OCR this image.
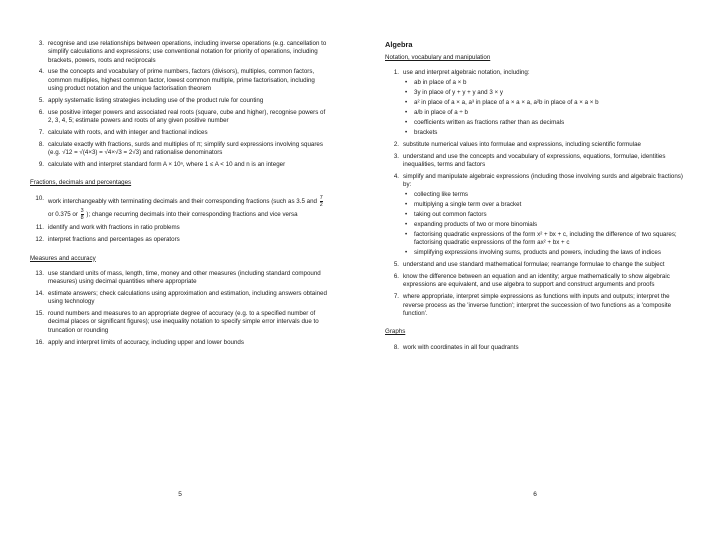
3. recognise and use relationships between operations, including inverse operations (e.g. cancellation to simplify calculations and expressions; use conventional notation for priority of operations, including brackets, powers, roots and reciprocals
4. use the concepts and vocabulary of prime numbers, factors (divisors), multiples, common factors, common multiples, highest common factor, lowest common multiple, prime factorisation, including using product notation and the unique factorisation theorem
5. apply systematic listing strategies including use of the product rule for counting
6. use positive integer powers and associated real roots (square, cube and higher), recognise powers of 2, 3, 4, 5; estimate powers and roots of any given positive number
7. calculate with roots, and with integer and fractional indices
8. calculate exactly with fractions, surds and multiples of π; simplify surd expressions involving squares (e.g. √12 = √(4×3) = √4×√3 = 2√3) and rationalise denominators
9. calculate with and interpret standard form A × 10ⁿ, where 1 ≤ A < 10 and n is an integer
Fractions, decimals and percentages
10. work interchangeably with terminating decimals and their corresponding fractions (such as 3.5 and $\frac{7}{2}$
or 0.375 or $\frac{3}{8}$ ); change recurring decimals into their corresponding fractions and vice versa
11. identify and work with fractions in ratio problems
12. interpret fractions and percentages as operators
Measures and accuracy
13. use standard units of mass, length, time, money and other measures (including standard compound measures) using decimal quantities where appropriate
14. estimate answers; check calculations using approximation and estimation, including answers obtained using technology
15. round numbers and measures to an appropriate degree of accuracy (e.g. to a specified number of decimal places or significant figures); use inequality notation to specify simple error intervals due to truncation or rounding
16. apply and interpret limits of accuracy, including upper and lower bounds
5
Algebra
Notation, vocabulary and manipulation
1. use and interpret algebraic notation, including:
• ab in place of a × b
• 3y in place of y + y + y and 3 × y
• a² in place of a × a, a³ in place of a × a × a, a²b in place of a × a × b
• a/b in place of a ÷ b
• coefficients written as fractions rather than as decimals
• brackets
2. substitute numerical values into formulae and expressions, including scientific formulae
3. understand and use the concepts and vocabulary of expressions, equations, formulae, identities inequalities, terms and factors
4. simplify and manipulate algebraic expressions (including those involving surds and algebraic fractions) by:
• collecting like terms
• multiplying a single term over a bracket
• taking out common factors
• expanding products of two or more binomials
• factorising quadratic expressions of the form x² + bx + c, including the difference of two squares; factorising quadratic expressions of the form ax² + bx + c
• simplifying expressions involving sums, products and powers, including the laws of indices
5. understand and use standard mathematical formulae; rearrange formulae to change the subject
6. know the difference between an equation and an identity; argue mathematically to show algebraic expressions are equivalent, and use algebra to support and construct arguments and proofs
7. where appropriate, interpret simple expressions as functions with inputs and outputs; interpret the reverse process as the 'inverse function'; interpret the succession of two functions as a 'composite function'.
Graphs
8. work with coordinates in all four quadrants
6
